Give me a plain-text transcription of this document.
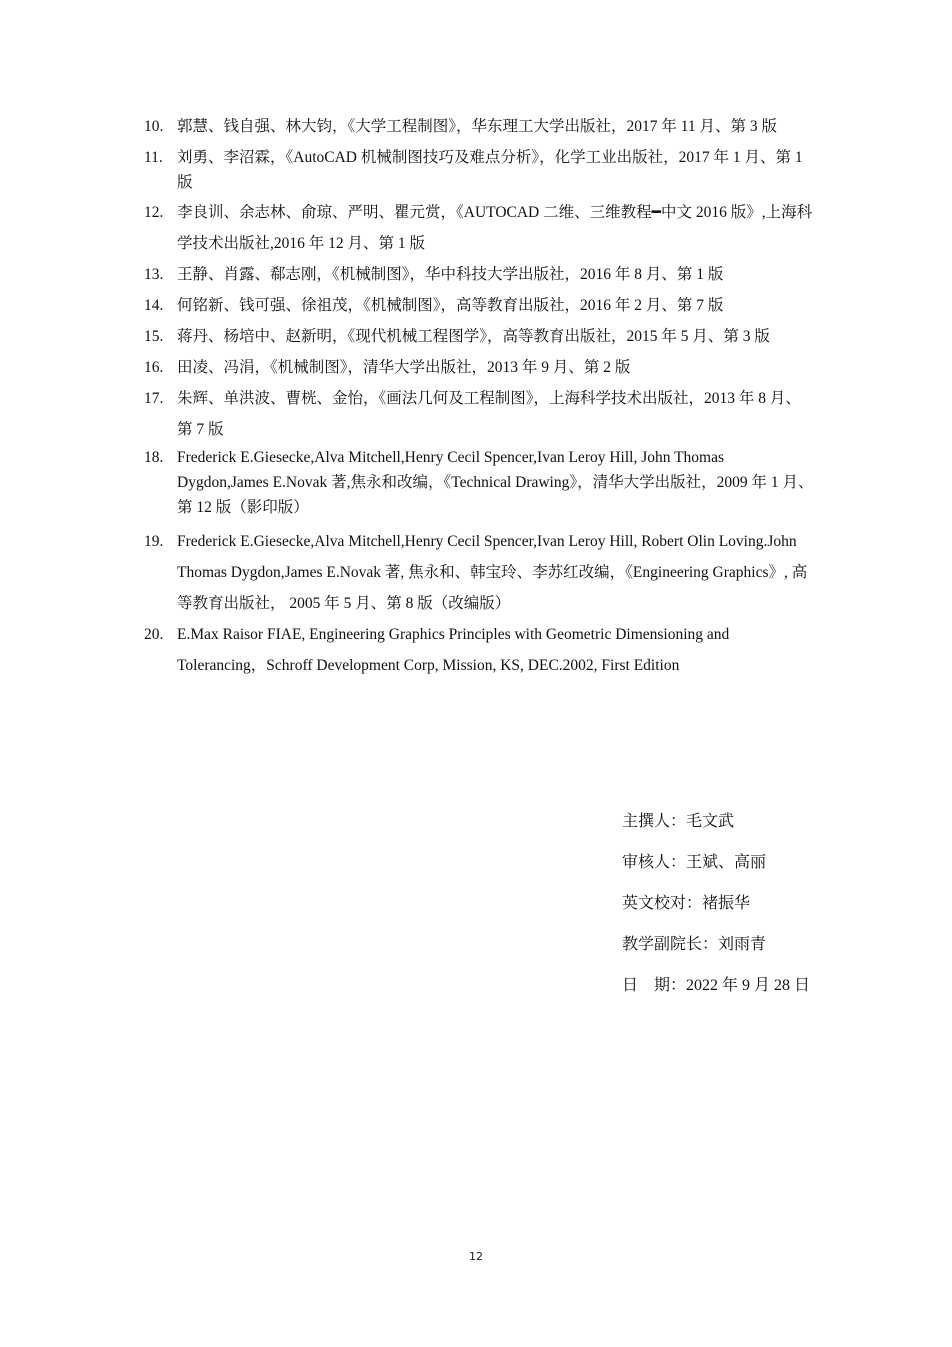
10. 郭慧、钱自强、林大钧，《大学工程制图》，华东理工大学出版社，2017 年 11 月、第 3 版
11. 刘勇、李沼霖，《AutoCAD 机械制图技巧及难点分析》，化学工业出版社，2017 年 1 月、第 1 版
12. 李良训、余志林、俞琼、严明、瞿元赏，《AUTOCAD 二维、三维教程━中文 2016 版》,上海科学技术出版社,2016 年 12 月、第 1 版
13. 王静、肖露、郗志刚，《机械制图》，华中科技大学出版社，2016 年 8 月、第 1 版
14. 何铭新、钱可强、徐祖茂，《机械制图》，高等教育出版社，2016 年 2 月、第 7 版
15. 蒋丹、杨培中、赵新明，《现代机械工程图学》，高等教育出版社，2015 年 5 月、第 3 版
16. 田凌、冯涓，《机械制图》，清华大学出版社，2013 年 9 月、第 2 版
17. 朱辉、单洪波、曹桄、金怡，《画法几何及工程制图》，上海科学技术出版社，2013 年 8 月、第 7 版
18. Frederick E.Giesecke,Alva Mitchell,Henry Cecil Spencer,Ivan Leroy Hill, John Thomas Dygdon,James E.Novak 著,焦永和改编，《Technical Drawing》，清华大学出版社，2009 年 1 月、第 12 版（影印版）
19. Frederick E.Giesecke,Alva Mitchell,Henry Cecil Spencer,Ivan Leroy Hill, Robert Olin Loving.John Thomas Dygdon,James E.Novak 著, 焦永和、韩宝玲、李苏红改编，《Engineering Graphics》, 高等教育出版社， 2005 年 5 月、第 8 版（改编版）
20. E.Max Raisor FIAE, Engineering Graphics Principles with Geometric Dimensioning and Tolerancing，Schroff Development Corp, Mission, KS, DEC.2002, First Edition
主撰人：毛文武
审核人：王斌、高丽
英文校对：褚振华
教学副院长：刘雨青
日　期：2022 年 9 月 28 日
12
